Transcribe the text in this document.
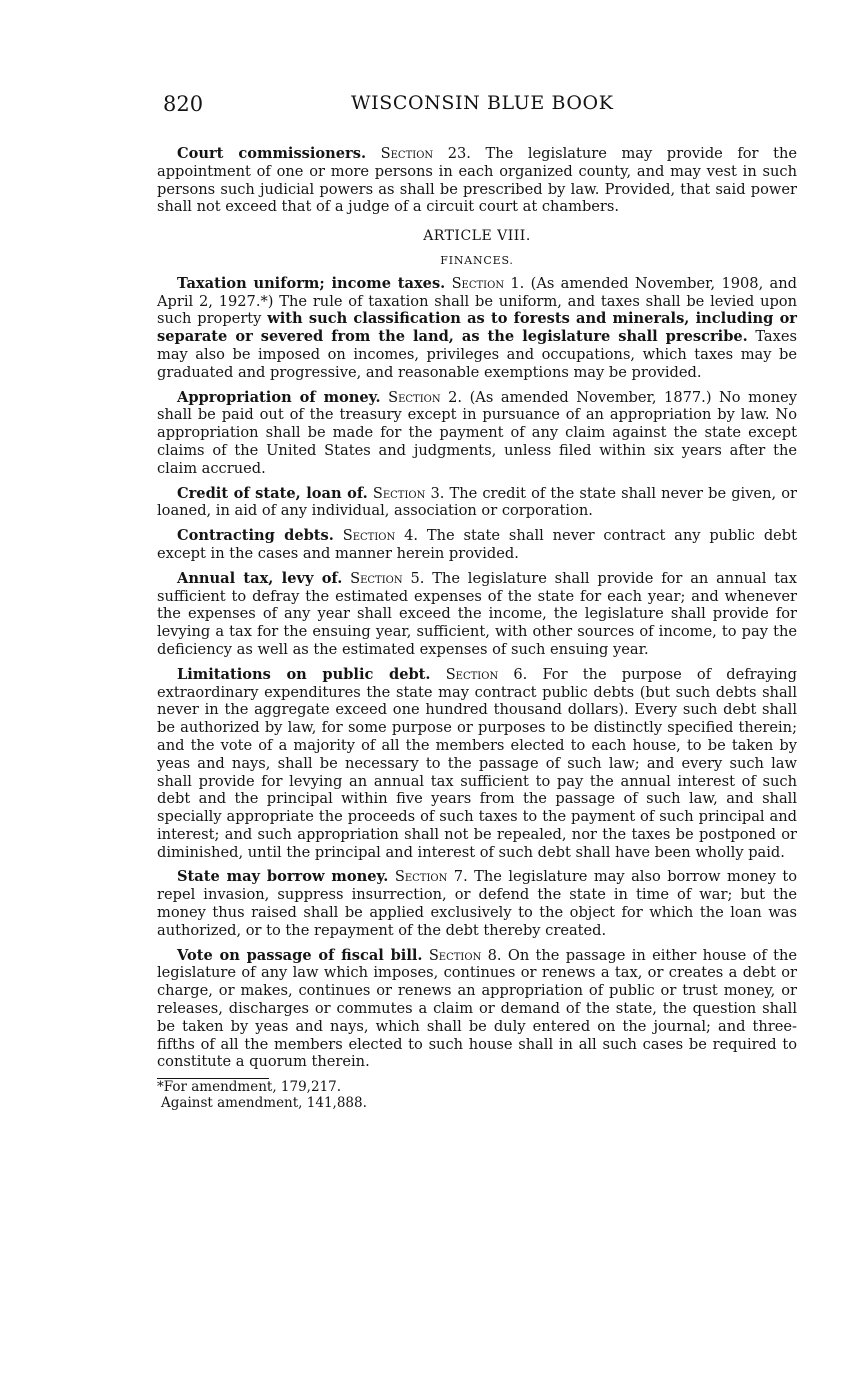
820	WISCONSIN BLUE BOOK

Court commissioners. Section 23. The legislature may provide for the appointment of one or more persons in each organized county, and may vest in such persons such judicial powers as shall be prescribed by law. Provided, that said power shall not exceed that of a judge of a circuit court at chambers.

ARTICLE VIII.

FINANCES.

Taxation uniform; income taxes. Section 1. (As amended November, 1908, and April 2, 1927.*) The rule of taxation shall be uniform, and taxes shall be levied upon such property with such classification as to forests and minerals, including or separate or severed from the land, as the legislature shall prescribe. Taxes may also be imposed on incomes, privileges and occupations, which taxes may be graduated and progressive, and reasonable exemptions may be provided.

Appropriation of money. Section 2. (As amended November, 1877.) No money shall be paid out of the treasury except in pursuance of an appropriation by law. No appropriation shall be made for the payment of any claim against the state except claims of the United States and judgments, unless filed within six years after the claim accrued.

Credit of state, loan of. Section 3. The credit of the state shall never be given, or loaned, in aid of any individual, association or corporation.

Contracting debts. Section 4. The state shall never contract any public debt except in the cases and manner herein provided.

Annual tax, levy of. Section 5. The legislature shall provide for an annual tax sufficient to defray the estimated expenses of the state for each year; and whenever the expenses of any year shall exceed the income, the legislature shall provide for levying a tax for the ensuing year, sufficient, with other sources of income, to pay the deficiency as well as the estimated expenses of such ensuing year.

Limitations on public debt. Section 6. For the purpose of defraying extraordinary expenditures the state may contract public debts (but such debts shall never in the aggregate exceed one hundred thousand dollars). Every such debt shall be authorized by law, for some purpose or purposes to be distinctly specified therein; and the vote of a majority of all the members elected to each house, to be taken by yeas and nays, shall be necessary to the passage of such law; and every such law shall provide for levying an annual tax sufficient to pay the annual interest of such debt and the principal within five years from the passage of such law, and shall specially appropriate the proceeds of such taxes to the payment of such principal and interest; and such appropriation shall not be repealed, nor the taxes be postponed or diminished, until the principal and interest of such debt shall have been wholly paid.

State may borrow money. Section 7. The legislature may also borrow money to repel invasion, suppress insurrection, or defend the state in time of war; but the money thus raised shall be applied exclusively to the object for which the loan was authorized, or to the repayment of the debt thereby created.

Vote on passage of fiscal bill. Section 8. On the passage in either house of the legislature of any law which imposes, continues or renews a tax, or creates a debt or charge, or makes, continues or renews an appropriation of public or trust money, or releases, discharges or commutes a claim or demand of the state, the question shall be taken by yeas and nays, which shall be duly entered on the journal; and three-fifths of all the members elected to such house shall in all such cases be required to constitute a quorum therein.

*For amendment, 179,217.

Against amendment, 141,888.
